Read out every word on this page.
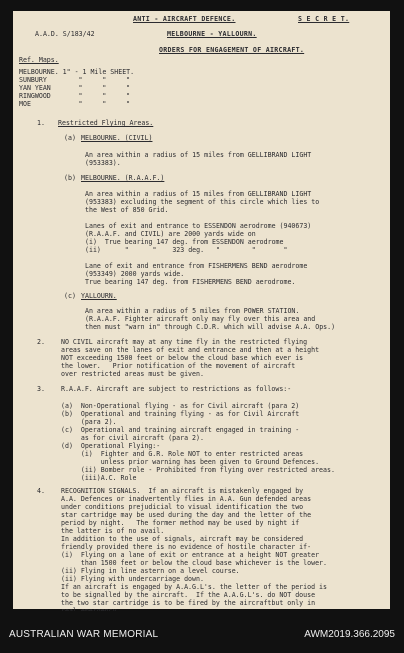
ANTI - AIRCRAFT DEFENCE.	S E C R E T.
A.A.D. S/183/42	MELBOURNE - YALLOURN.
ORDERS FOR ENGAGEMENT OF AIRCRAFT.
Ref. Maps.
MELBOURNE. 1" - 1 Mile SHEET.
SUNBURY        "     "     "
YAN YEAN       "     "     "
RINGWOOD       "     "     "
MOE            "     "     "
1. Restricted Flying Areas.
(a) MELBOURNE. (CIVIL)
An area within a radius of 15 miles from GELLIBRAND LIGHT
(953383).
(b) MELBOURNE. (R.A.A.F.)
An area within a radius of 15 miles from GELLIBRAND LIGHT
(953383) excluding the segment of this circle which lies to
the West of 850 Grid.
Lanes of exit and entrance to ESSENDON aerodrome (940673)
(R.A.A.F. and CIVIL) are 2000 yards wide on
(i)  True bearing 147 deg. from ESSENDON aerodrome
(ii)      "      "    323 deg.   "        "       "
Lane of exit and entrance from FISHERMENS BEND aerodrome
(953349) 2000 yards wide.
True bearing 147 deg. from FISHERMENS BEND aerodrome.
(c) YALLOURN.
An area within a radius of 5 miles from POWER STATION.
(R.A.A.F. Fighter aircraft only may fly over this area and
then must "warn in" through C.D.R. which will advise A.A. Ops.)
2. NO CIVIL aircraft may at any time fly in the restricted flying
areas save on the lanes of exit and entrance and then at a height
NOT exceeding 1500 feet or below the cloud base which ever is
the lower.   Prior notification of the movement of aircraft
over restricted areas must be given.
3. R.A.A.F. Aircraft are subject to restrictions as follows:-
(a)  Non-Operational flying - as for Civil aircraft (para 2)
(b)  Operational and training flying - as for Civil Aircraft
(para 2).
(c)  Operational and training aircraft engaged in training -
as for civil aircraft (para 2).
(d)  Operational Flying:-
(i)  Fighter and G.R. Role NOT to enter restricted areas
unless prior warning has been given to Ground Defences.
(ii) Bomber role - Prohibited from flying over restricted areas.
(iii)A.C. Role
4. RECOGNITION SIGNALS.  If an aircraft is mistakenly engaged by
A.A. Defences or inadvertently flies in A.A. Gun defended areas
under conditions prejudicial to visual identification the two
star cartridge may be used during the day and the letter of the
period by night.   The former method may be used by night if
the latter is of no avail.
In addition to the use of signals, aircraft may be considered
friendly provided there is no evidence of hostile character if-
(i)  Flying on a lane of exit or entrance at a height NOT greater
than 1500 feet or below the cloud base whichever is the lower.
(ii) Flying in line astern on a level course.
(ii) Flying with undercarriage down.
If an aircraft is engaged by A.A.G.L's. the letter of the period is
to be signalled by the aircraft.  If the A.A.G.L's. do NOT douse
the two star cartridge is to be fired by the aircraftbut only in
AUSTRALIAN WAR MEMORIAL	AWM2019.366.2095
